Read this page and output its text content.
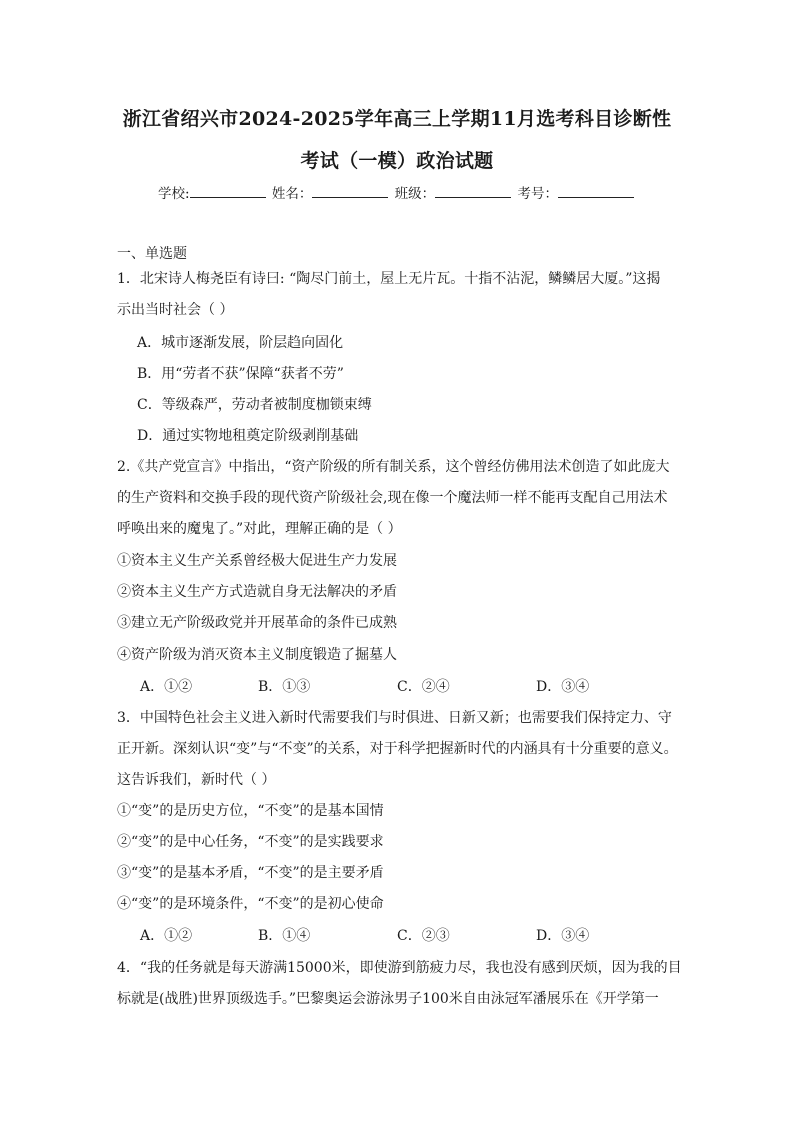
浙江省绍兴市2024-2025学年高三上学期11月选考科目诊断性
考试（一模）政治试题
学校:	姓名：	班级：	考号：
一、单选题
1．北宋诗人梅尧臣有诗曰: “陶尽门前土，屋上无片瓦。十指不沾泥，鳞鳞居大厦。”这揭
示出当时社会（ ）
A．城市逐渐发展，阶层趋向固化
B．用“劳者不获”保障“获者不劳”
C．等级森严，劳动者被制度枷锁束缚
D．通过实物地租奠定阶级剥削基础
2.《共产党宣言》中指出，“资产阶级的所有制关系，这个曾经仿佛用法术创造了如此庞大
的生产资料和交换手段的现代资产阶级社会,现在像一个魔法师一样不能再支配自己用法术
呼唤出来的魔鬼了。”对此，理解正确的是（ ）
①资本主义生产关系曾经极大促进生产力发展
②资本主义生产方式造就自身无法解决的矛盾
③建立无产阶级政党并开展革命的条件已成熟
④资产阶级为消灭资本主义制度锻造了掘墓人
A．①②	B．①③	C．②④	D．③④
3．中国特色社会主义进入新时代需要我们与时俱进、日新又新；也需要我们保持定力、守
正开新。深刻认识“变”与“不变”的关系，对于科学把握新时代的内涵具有十分重要的意义。
这告诉我们，新时代（ ）
①“变”的是历史方位，“不变”的是基本国情
②“变”的是中心任务，“不变”的是实践要求
③“变”的是基本矛盾，“不变”的是主要矛盾
④“变”的是环境条件，“不变”的是初心使命
A．①②	B．①④	C．②③	D．③④
4．“我的任务就是每天游满15000米，即使游到筋疲力尽，我也没有感到厌烦，因为我的目
标就是(战胜)世界顶级选手。”巴黎奥运会游泳男子100米自由泳冠军潘展乐在《开学第一
